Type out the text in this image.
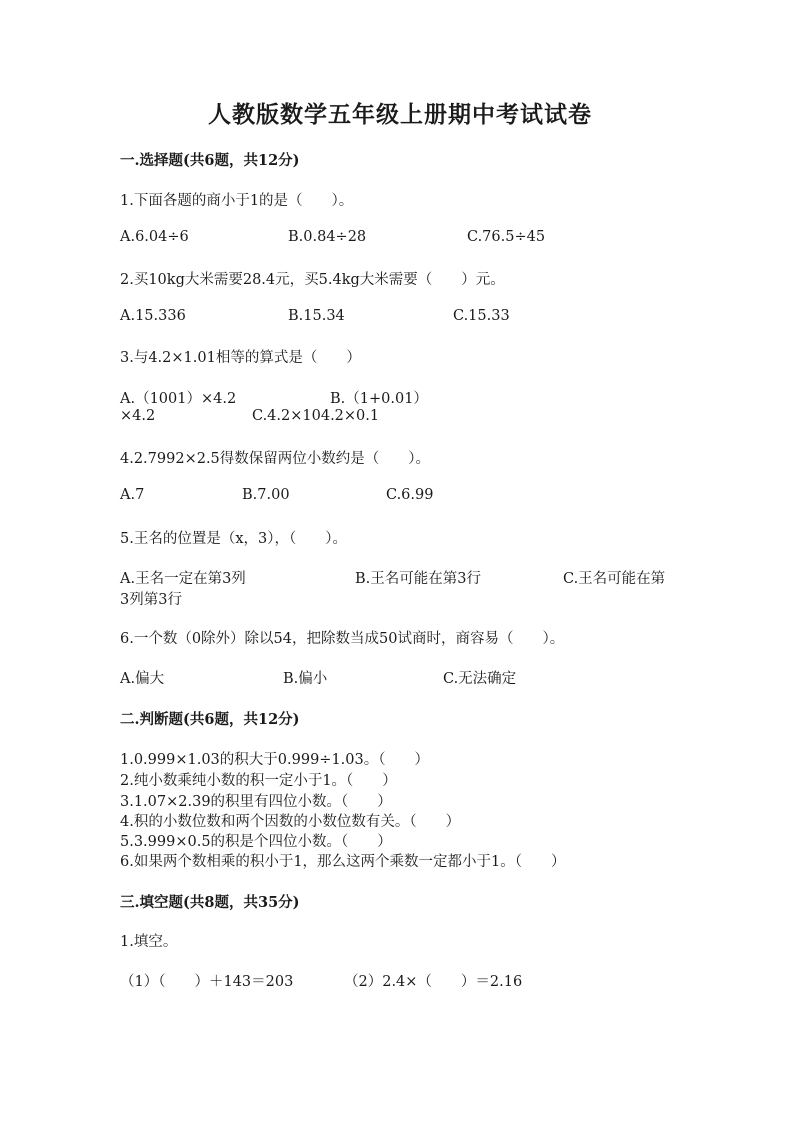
人教版数学五年级上册期中考试试卷
一.选择题(共6题，共12分)
1.下面各题的商小于1的是（　　）。
A.6.04÷6	B.0.84÷28	C.76.5÷45
2.买10kg大米需要28.4元，买5.4kg大米需要（　　）元。
A.15.336	B.15.34	C.15.33
3.与4.2×1.01相等的算式是（　　）
A.（1001）×4.2	B.（1+0.01）
×4.2	C.4.2×104.2×0.1
4.2.7992×2.5得数保留两位小数约是（　　）。
A.7	B.7.00	C.6.99
5.王名的位置是（x，3），（　　）。
A.王名一定在第3列	B.王名可能在第3行	C.王名可能在第
3列第3行
6.一个数（0除外）除以54，把除数当成50试商时，商容易（　　）。
A.偏大	B.偏小	C.无法确定
二.判断题(共6题，共12分)
1.0.999×1.03的积大于0.999÷1.03。（　　）
2.纯小数乘纯小数的积一定小于1。（　　）
3.1.07×2.39的积里有四位小数。（　　）
4.积的小数位数和两个因数的小数位数有关。（　　）
5.3.999×0.5的积是个四位小数。（　　）
6.如果两个数相乘的积小于1，那么这两个乘数一定都小于1。（　　）
三.填空题(共8题，共35分)
1.填空。
（1）（　　）＋143＝203	（2）2.4×（　　）＝2.16
